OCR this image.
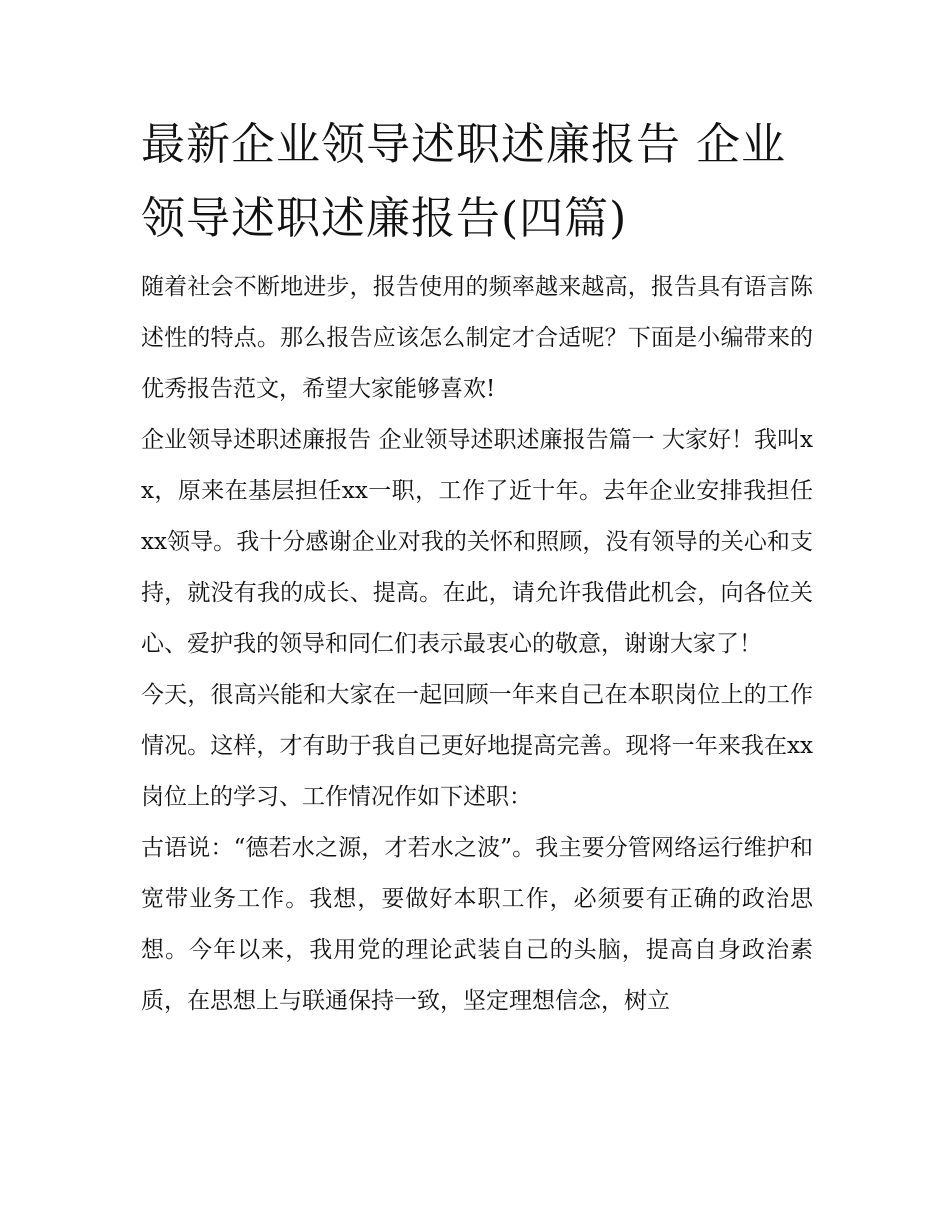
最新企业领导述职述廉报告 企业领导述职述廉报告(四篇)

随着社会不断地进步，报告使用的频率越来越高，报告具有语言陈述性的特点。那么报告应该怎么制定才合适呢？下面是小编带来的优秀报告范文，希望大家能够喜欢!

企业领导述职述廉报告 企业领导述职述廉报告篇一 大家好！我叫xx，原来在基层担任xx一职，工作了近十年。去年企业安排我担任xx领导。我十分感谢企业对我的关怀和照顾，没有领导的关心和支持，就没有我的成长、提高。在此，请允许我借此机会，向各位关心、爱护我的领导和同仁们表示最衷心的敬意，谢谢大家了！

今天，很高兴能和大家在一起回顾一年来自己在本职岗位上的工作情况。这样，才有助于我自己更好地提高完善。现将一年来我在xx岗位上的学习、工作情况作如下述职：

古语说：“德若水之源，才若水之波”。我主要分管网络运行维护和宽带业务工作。我想，要做好本职工作，必须要有正确的政治思想。今年以来，我用党的理论武装自己的头脑，提高自身政治素质，在思想上与联通保持一致，坚定理想信念，树立
